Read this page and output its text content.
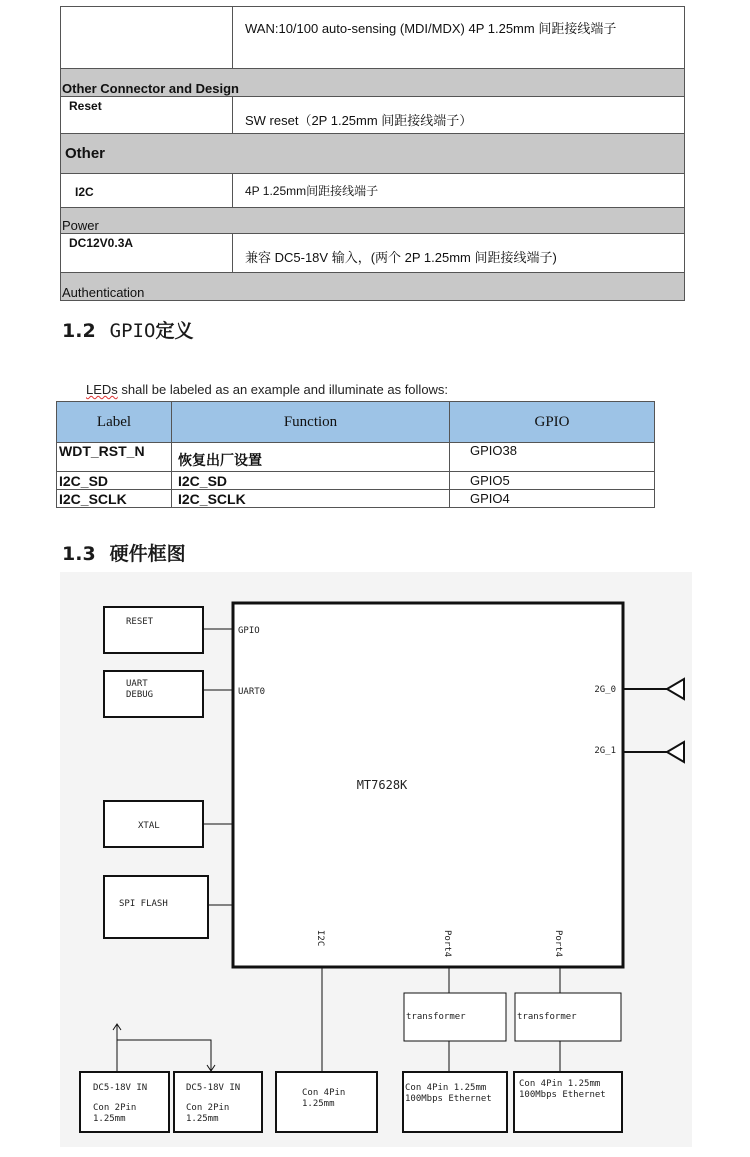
	WAN:10/100 auto-sensing (MDI/MDX) 4P 1.25mm 间距接线端子
Other Connector and Design	
Reset	SW reset（2P 1.25mm 间距接线端子）
Other	
I2C	4P 1.25mm间距接线端子
Power	
DC12V0.3A	兼容 DC5-18V 输入，(两个 2P 1.25mm 间距接线端子)
Authentication	
1.2 GPIO定义
LEDs shall be labeled as an example and illuminate as follows:
Label	Function	GPIO
WDT_RST_N	恢复出厂设置	GPIO38
I2C_SD	I2C_SD	GPIO5
I2C_SCLK	I2C_SCLK	GPIO4
1.3 硬件框图
MT7628K
GPIO
UART0	2G_0
2G_1
I2C	Port4	Port4
RESET
UART
DEBUG
XTAL
SPI FLASH
transformer	transformer
DC5-18V IN
Con 2Pin
1.25mm
DC5-18V IN
Con 2Pin
1.25mm
Con 4Pin
1.25mm
Con 4Pin 1.25mm
100Mbps Ethernet
Con 4Pin 1.25mm
100Mbps Ethernet
